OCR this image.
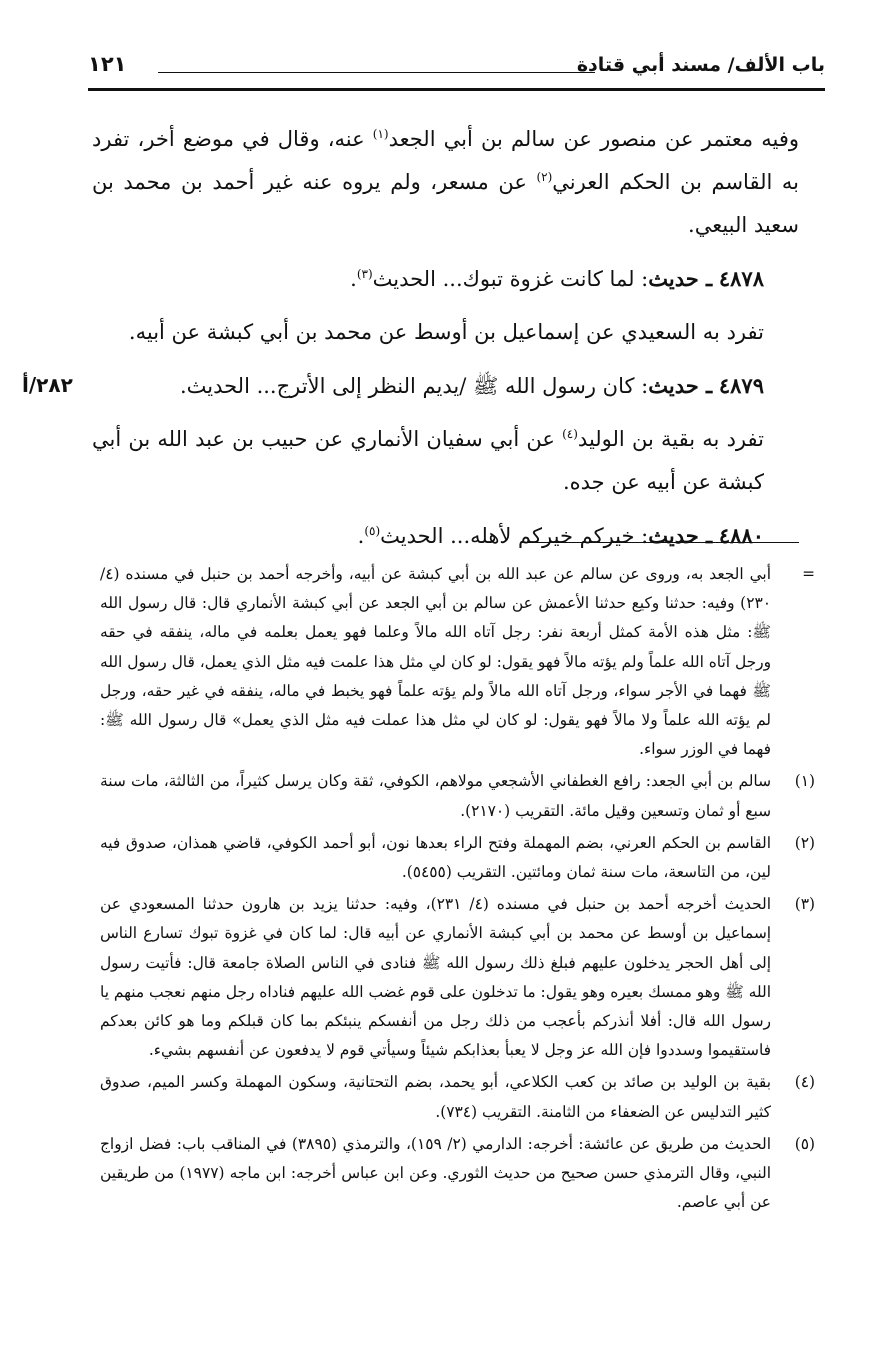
باب الألف/ مسند أبي قتادة
١٢١

وفيه معتمر عن منصور عن سالم بن أبي الجعد$^{(١)}$ عنه، وقال في موضع أخر، تفرد به القاسم بن الحكم العرني$^{(٢)}$ عن مسعر، ولم يروه عنه غير أحمد بن محمد بن سعيد البيعي.

٤٨٧٨ ـ حديث: لما كانت غزوة تبوك... الحديث$^{(٣)}$.

تفرد به السعيدي عن إسماعيل بن أوسط عن محمد بن أبي كبشة عن أبيه.

٤٨٧٩ ـ حديث: كان رسول الله ﷺ /يديم النظر إلى الأترج... الحديث.
٢٨٢/أ

تفرد به بقية بن الوليد$^{(٤)}$ عن أبي سفيان الأنماري عن حبيب بن عبد الله بن أبي كبشة عن أبيه عن جده.

٤٨٨٠ ـ حديث: خيركم خيركم لأهله... الحديث$^{(٥)}$.

=
أبي الجعد به، وروى عن سالم عن عبد الله بن أبي كبشة عن أبيه، وأخرجه أحمد بن حنبل في مسنده (٤/ ٢٣٠) وفيه: حدثنا وكيع حدثنا الأعمش عن سالم بن أبي الجعد عن أبي كبشة الأنماري قال: قال رسول الله ﷺ: مثل هذه الأمة كمثل أربعة نفر: رجل آتاه الله مالاً وعلما فهو يعمل بعلمه في ماله، ينفقه في حقه ورجل آتاه الله علماً ولم يؤته مالاً فهو يقول: لو كان لي مثل هذا علمت فيه مثل الذي يعمل، قال رسول الله ﷺ فهما في الأجر سواء، ورجل آتاه الله مالاً ولم يؤته علماً فهو يخبط في ماله، ينفقه في غير حقه، ورجل لم يؤته الله علماً ولا مالاً فهو يقول: لو كان لي مثل هذا عملت فيه مثل الذي يعمل» قال رسول الله ﷺ: فهما في الوزر سواء.
(١)
سالم بن أبي الجعد: رافع الغطفاني الأشجعي مولاهم، الكوفي، ثقة وكان يرسل كثيراً، من الثالثة، مات سنة سبع أو ثمان وتسعين وقيل مائة. التقريب (٢١٧٠).
(٢)
القاسم بن الحكم العرني، بضم المهملة وفتح الراء بعدها نون، أبو أحمد الكوفي، قاضي همذان، صدوق فيه لين، من التاسعة، مات سنة ثمان ومائتين. التقريب (٥٤٥٥).
(٣)
الحديث أخرجه أحمد بن حنبل في مسنده (٤/ ٢٣١)، وفيه: حدثنا يزيد بن هارون حدثنا المسعودي عن إسماعيل بن أوسط عن محمد بن أبي كبشة الأنماري عن أبيه قال: لما كان في غزوة تبوك تسارع الناس إلى أهل الحجر يدخلون عليهم فبلغ ذلك رسول الله ﷺ فنادى في الناس الصلاة جامعة قال: فأتيت رسول الله ﷺ وهو ممسك بعيره وهو يقول: ما تدخلون على قوم غضب الله عليهم فناداه رجل منهم نعجب منهم يا رسول الله قال: أفلا أنذركم بأعجب من ذلك رجل من أنفسكم ينبئكم بما كان قبلكم وما هو كائن بعدكم فاستقيموا وسددوا فإن الله عز وجل لا يعبأ بعذابكم شيئاً وسيأتي قوم لا يدفعون عن أنفسهم بشيء.
(٤)
بقية بن الوليد بن صائد بن كعب الكلاعي، أبو يحمد، بضم التحتانية، وسكون المهملة وكسر الميم، صدوق كثير التدليس عن الضعفاء من الثامنة. التقريب (٧٣٤).
(٥)
الحديث من طريق عن عائشة: أخرجه: الدارمي (٢/ ١٥٩)، والترمذي (٣٨٩٥) في المناقب باب: فضل ازواج النبي، وقال الترمذي حسن صحيح من حديث الثوري. وعن ابن عباس أخرجه: ابن ماجه (١٩٧٧) من طريقين عن أبي عاصم.
